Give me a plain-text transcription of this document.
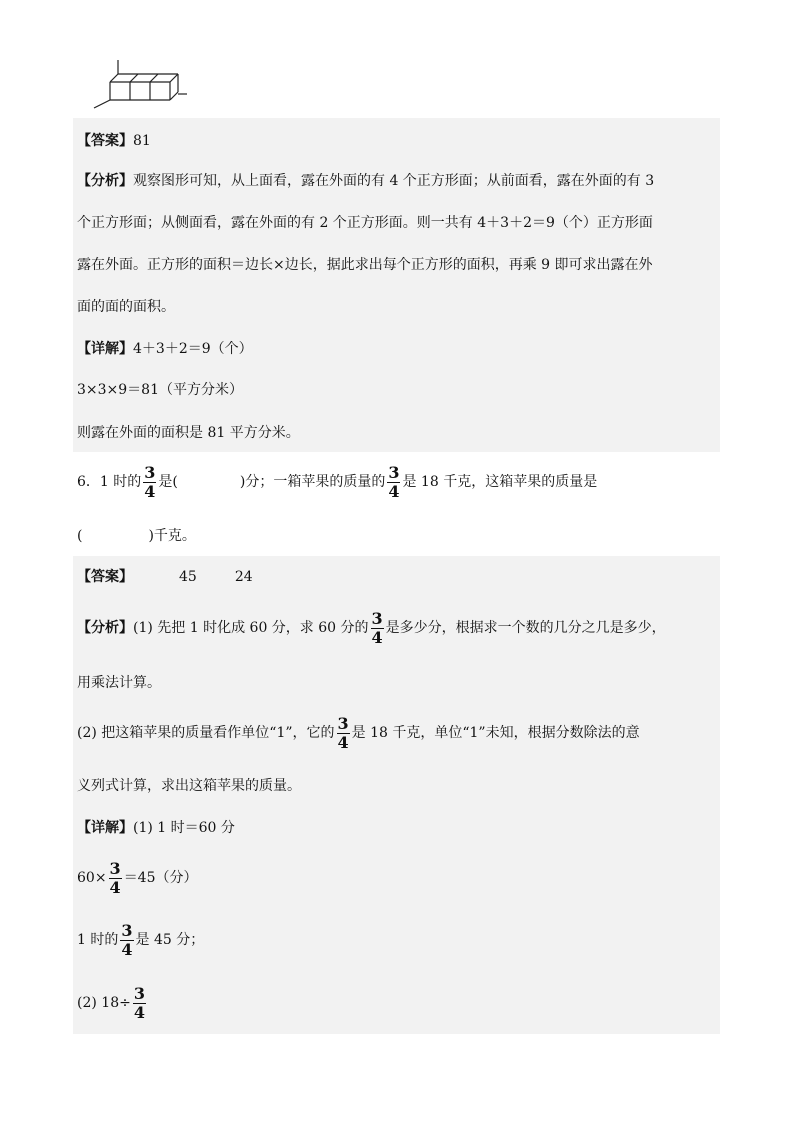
【答案】81
【分析】观察图形可知，从上面看，露在外面的有 4 个正方形面；从前面看，露在外面的有 3
个正方形面；从侧面看，露在外面的有 2 个正方形面。则一共有 4＋3＋2＝9（个）正方形面
露在外面。正方形的面积＝边长×边长，据此求出每个正方形的面积，再乘 9 即可求出露在外
面的面的面积。
【详解】4＋3＋2＝9（个）
3×3×9＝81（平方分米）
则露在外面的面积是 81 平方分米。
6．1 时的 $\frac{3}{4}$ 是(	)分；一箱苹果的质量的 $\frac{3}{4}$ 是 18 千克，这箱苹果的质量是
(	)千克。
【答案】	45	24
【分析】(1) 先把 1 时化成 60 分，求 60 分的 $\frac{3}{4}$ 是多少分，根据求一个数的几分之几是多少，
用乘法计算。
(2) 把这箱苹果的质量看作单位“1”，它的 $\frac{3}{4}$ 是 18 千克，单位“1”未知，根据分数除法的意
义列式计算，求出这箱苹果的质量。
【详解】(1) 1 时＝60 分
$60\times \frac{3}{4} =45$（分）
1 时的 $\frac{3}{4}$ 是 45 分；
(2) $18\div \frac{3}{4}$
